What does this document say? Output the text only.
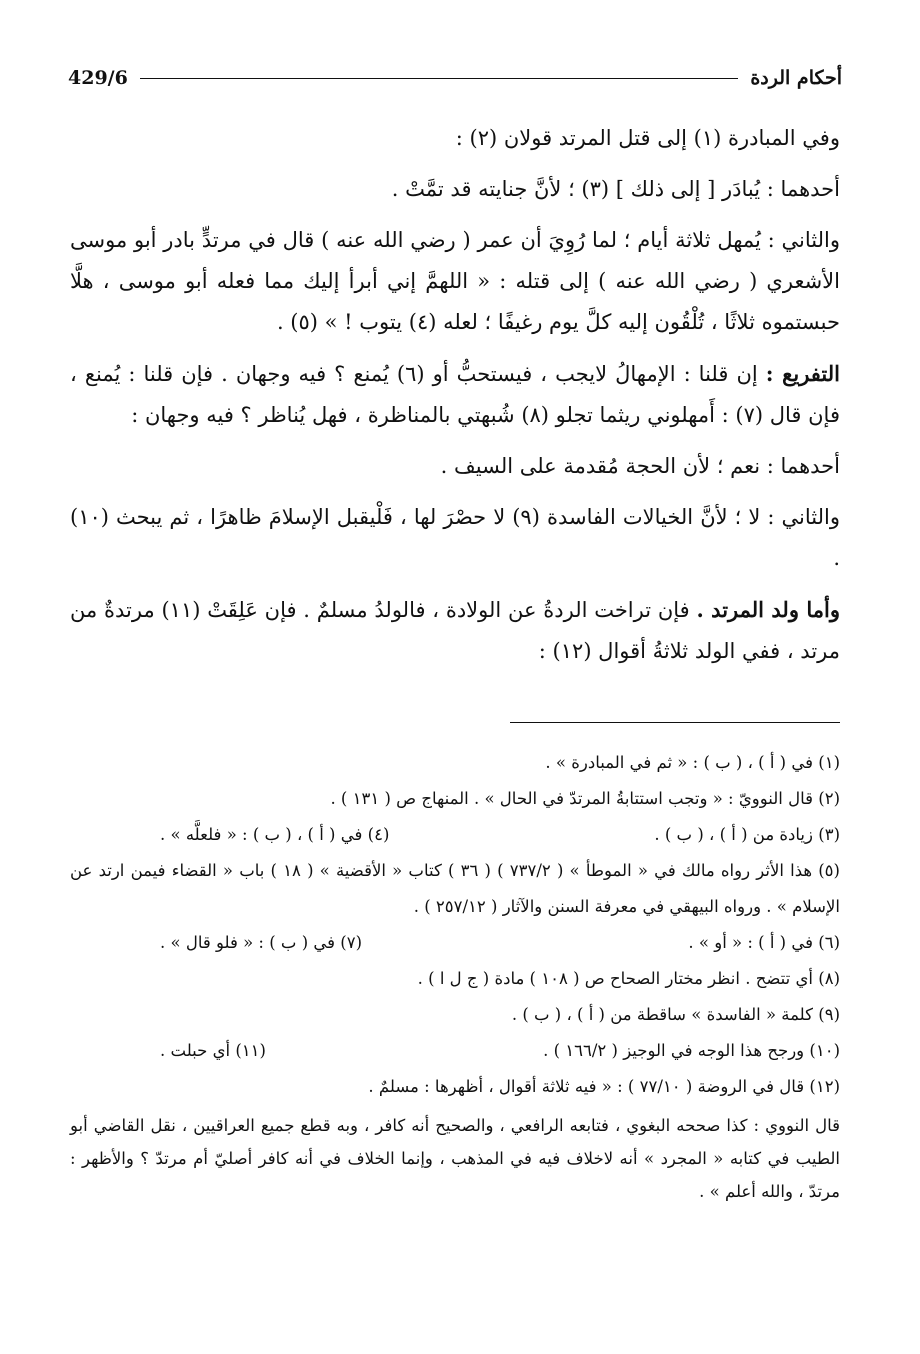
أحكام الردة
429/6

وفي المبادرة (١) إلى قتل المرتد قولان (٢) :

أحدهما : يُبادَر [ إلى ذلك ] (٣) ؛ لأنَّ جنايته قد تمَّتْ .

والثاني : يُمهل ثلاثة أيام ؛ لما رُوِيَ أن عمر ( رضي الله عنه ) قال في مرتدٍّ بادر أبو موسى الأشعري ( رضي الله عنه ) إلى قتله : « اللهمَّ إني أبرأ إليك مما فعله أبو موسى ، هلَّا حبستموه ثلاثًا ، تُلْقُون إليه كلَّ يوم رغيفًا ؛ لعله (٤) يتوب ! » (٥) .

التفريع : إن قلنا : الإمهالُ لايجب ، فيستحبُّ أو (٦) يُمنع ؟ فيه وجهان . فإن قلنا : يُمنع ، فإن قال (٧) : أَمهلوني ريثما تجلو (٨) شُبهتي بالمناظرة ، فهل يُناظر ؟ فيه وجهان :

أحدهما : نعم ؛ لأن الحجة مُقدمة على السيف .

والثاني : لا ؛ لأنَّ الخيالات الفاسدة (٩) لا حصْرَ لها ، فَلْيقبل الإسلامَ ظاهرًا ، ثم يبحث (١٠) .

وأما ولد المرتد . فإن تراخت الردةُ عن الولادة ، فالولدُ مسلمٌ . فإن عَلِقَتْ (١١) مرتدةٌ من مرتد ، ففي الولد ثلاثةُ أقوال (١٢) :

(١) في ( أ ) ، ( ب ) : « ثم في المبادرة » .

(٢) قال النوويّ : « وتجب استتابةُ المرتدّ في الحال » . المنهاج ص ( ١٣١ ) .

(٣) زيادة من ( أ ) ، ( ب ) .
(٤) في ( أ ) ، ( ب ) : « فلعلَّه » .

(٥) هذا الأثر رواه مالك في « الموطأ » ( ٧٣٧/٢ ) ( ٣٦ ) كتاب « الأقضية » ( ١٨ ) باب « القضاء فيمن ارتد عن الإسلام » . ورواه البيهقي في معرفة السنن والآثار ( ٢٥٧/١٢ ) .

(٦) في ( أ ) : « أو » .
(٧) في ( ب ) : « فلو قال » .

(٨) أي تتضح . انظر مختار الصحاح ص ( ١٠٨ ) مادة ( ج ل ا ) .

(٩) كلمة « الفاسدة » ساقطة من ( أ ) ، ( ب ) .

(١٠) ورجح هذا الوجه في الوجيز ( ١٦٦/٢ ) .
(١١) أي حبلت .

(١٢) قال في الروضة ( ٧٧/١٠ ) : « فيه ثلاثة أقوال ، أظهرها : مسلمٌ .

قال النووي : كذا صححه البغوي ، فتابعه الرافعي ، والصحيح أنه كافر ، وبه قطع جميع العراقيين ، نقل القاضي أبو الطيب في كتابه « المجرد » أنه لاخلاف فيه في المذهب ، وإنما الخلاف في أنه كافر أصليّ أم مرتدّ ؟ والأظهر : مرتدّ ، والله أعلم » .
